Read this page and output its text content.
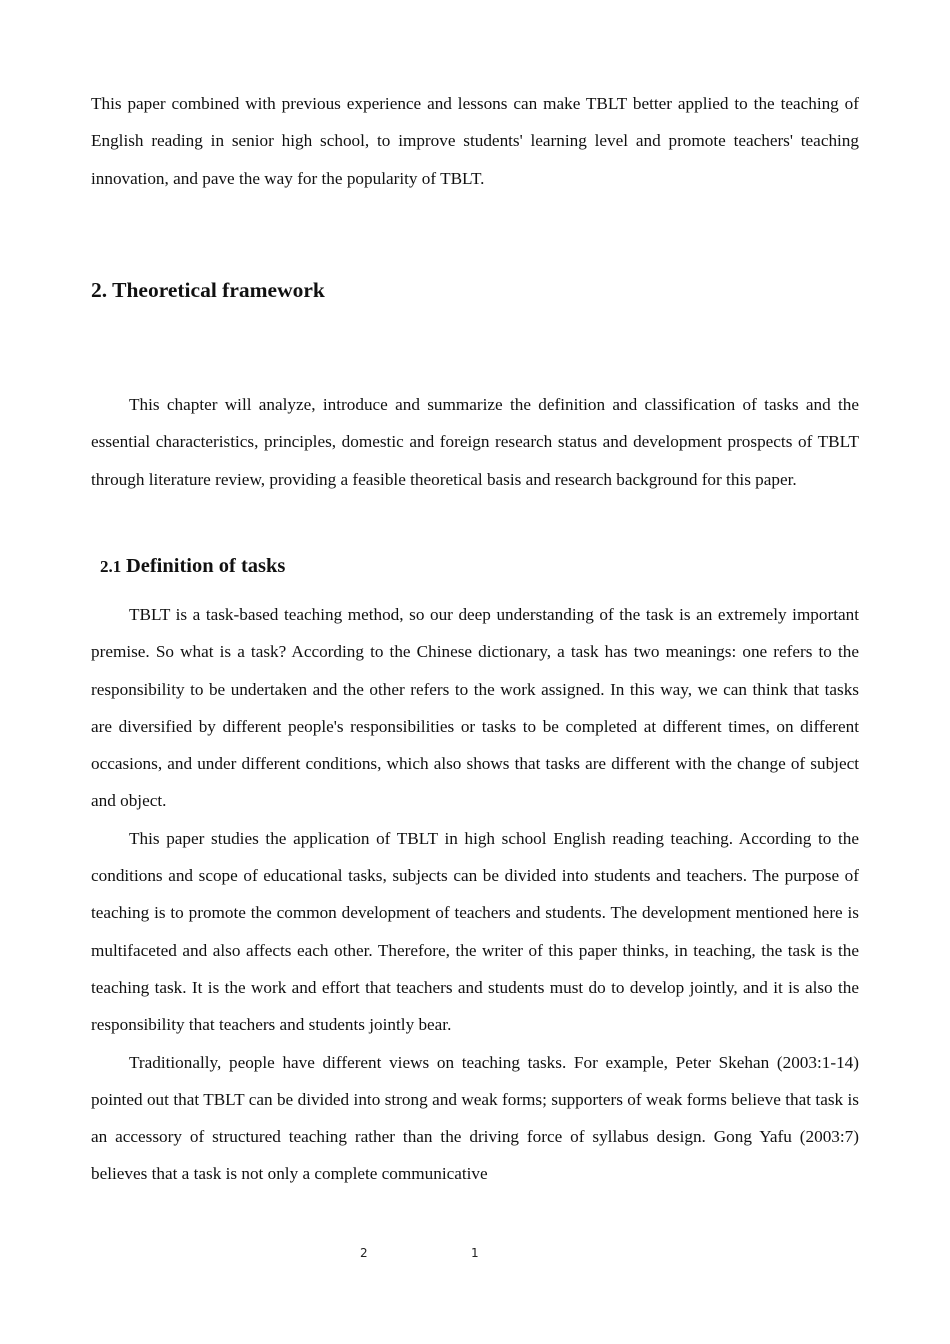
This paper combined with previous experience and lessons can make TBLT better applied to the teaching of English reading in senior high school, to improve students' learning level and promote teachers' teaching innovation, and pave the way for the popularity of TBLT.

2. Theoretical framework

This chapter will analyze, introduce and summarize the definition and classification of tasks and the essential characteristics, principles, domestic and foreign research status and development prospects of TBLT through literature review, providing a feasible theoretical basis and research background for this paper.

2.1 Definition of tasks

TBLT is a task-based teaching method, so our deep understanding of the task is an extremely important premise. So what is a task? According to the Chinese dictionary, a task has two meanings: one refers to the responsibility to be undertaken and the other refers to the work assigned. In this way, we can think that tasks are diversified by different people's responsibilities or tasks to be completed at different times, on different occasions, and under different conditions, which also shows that tasks are different with the change of subject and object.

This paper studies the application of TBLT in high school English reading teaching. According to the conditions and scope of educational tasks, subjects can be divided into students and teachers. The purpose of teaching is to promote the common development of teachers and students. The development mentioned here is multifaceted and also affects each other. Therefore, the writer of this paper thinks, in teaching, the task is the teaching task. It is the work and effort that teachers and students must do to develop jointly, and it is also the responsibility that teachers and students jointly bear.

Traditionally, people have different views on teaching tasks. For example, Peter Skehan (2003:1-14) pointed out that TBLT can be divided into strong and weak forms; supporters of weak forms believe that task is an accessory of structured teaching rather than the driving force of syllabus design. Gong Yafu (2003:7) believes that a task is not only a complete communicative

2	1
